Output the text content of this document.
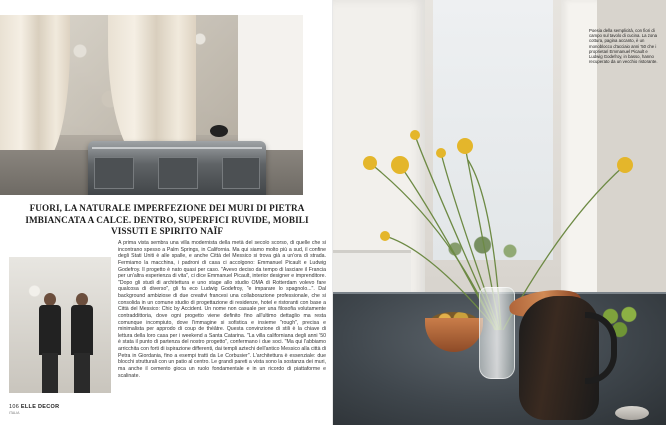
FUORI, LA NATURALE IMPERFEZIONE DEI MURI DI PIETRA IMBIANCATA A CALCE. DENTRO, SUPERFICI RUVIDE, MOBILI VISSUTI E SPIRITO NAÏF

A prima vista sembra una villa modernista della metà del secolo scorso, di quelle che si incontrano spesso a Palm Springs, in California. Ma qui siamo molto più a sud, il confine degli Stati Uniti è alle spalle, e anche Città del Messico si trova già a un'ora di strada. Fermiamo la macchina, i padroni di casa ci accolgono: Emmanuel Picault e Ludwig Godefroy. Il progetto è nato quasi per caso. "Avevo deciso da tempo di lasciare il Francia per un'altra esperienza di vita", ci dice Emmanuel Picault, interior designer e imprenditore. "Dopo gli studi di architettura e uno stage allo studio OMA di Rotterdam volevo fare qualcosa di diverso", gli fa eco Ludwig Godefroy, "e imparare lo spagnolo...". Dal background ambiziose di due creativi francesi una collaborazione professionale, che si consolida in un comune studio di progettazione di residenze, hotel e ristoranti con base a Città del Messico: Chic by Accident. Un nome non casuale per una filosofia volutamente contraddittoria, dove ogni progetto viene definito fino all'ultimo dettaglio ma resta comunque incompiuto, dove l'immagine si sofistica e insieme "rough", precisa e minimalista per approdo di coup de théâtre. Questa convinzione di stili è la chiave di lettura della loro casa per i weekend a Santa Catarina. "La villa californiana degli anni '50 è stata il punto di partenza del nostro progetto", confermano i due soci. "Ma qui l'abbiamo arricchita con forti di ispirazione differenti, dai templi aztechi dell'antico Messico alla città di Petra in Giordania, fino a esempi tratti da Le Corbusier". L'architettura è essenziale: due blocchi strutturali con un patio al centro. Le grandi pareti a vista sono la sostanza dei muri, ma anche il cemento gioca un ruolo fondamentale e in un ricordo di piattaforme e scalinate.

106 ELLE DECOR
ITALIA

Poesia della semplicità, con fiori di campo sul tavolo di cucina. La zona cottura, pagina accanto, è un monoblocco d'acciaio anni '50 che i proprietari Emmanuel Picault e Ludwig Godefroy, in basso, hanno recuperato da un vecchio ristorante.
